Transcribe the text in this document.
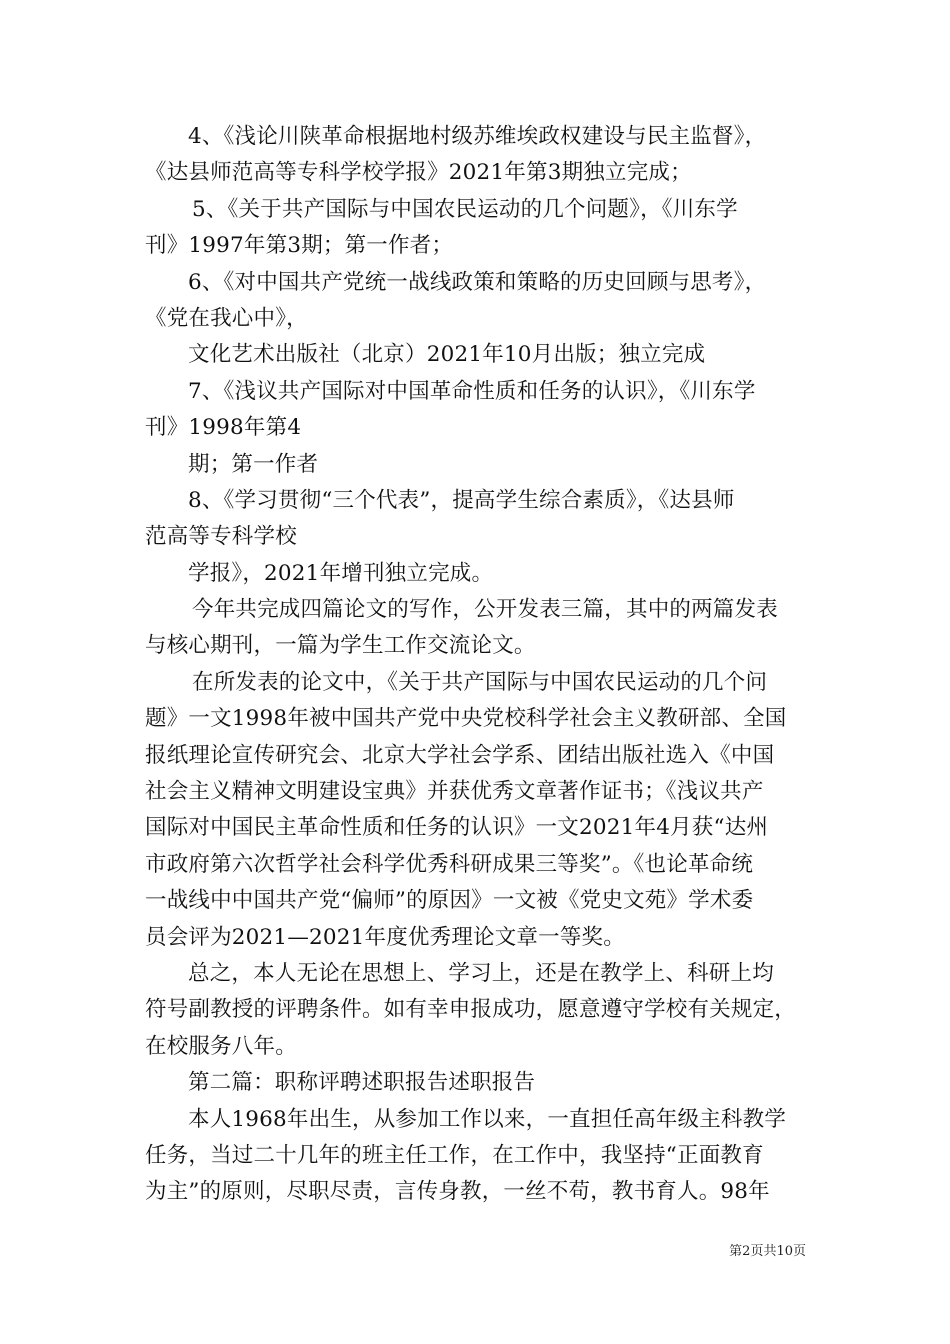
4、《浅论川陕革命根据地村级苏维埃政权建设与民主监督》，
《达县师范高等专科学校学报》2021年第3期独立完成；
5、《关于共产国际与中国农民运动的几个问题》，《川东学
刊》1997年第3期；第一作者；
6、《对中国共产党统一战线政策和策略的历史回顾与思考》，
《党在我心中》，
文化艺术出版社（北京）2021年10月出版；独立完成
7、《浅议共产国际对中国革命性质和任务的认识》，《川东学
刊》1998年第4
期；第一作者
8、《学习贯彻“三个代表”，提高学生综合素质》，《达县师
范高等专科学校
学报》，2021年增刊独立完成。
今年共完成四篇论文的写作，公开发表三篇，其中的两篇发表
与核心期刊，一篇为学生工作交流论文。
在所发表的论文中，《关于共产国际与中国农民运动的几个问
题》一文1998年被中国共产党中央党校科学社会主义教研部、全国
报纸理论宣传研究会、北京大学社会学系、团结出版社选入《中国
社会主义精神文明建设宝典》并获优秀文章著作证书；《浅议共产
国际对中国民主革命性质和任务的认识》一文2021年4月获“达州
市政府第六次哲学社会科学优秀科研成果三等奖”。《也论革命统
一战线中中国共产党“偏师”的原因》一文被《党史文苑》学术委
员会评为2021—2021年度优秀理论文章一等奖。
总之，本人无论在思想上、学习上，还是在教学上、科研上均
符号副教授的评聘条件。如有幸申报成功，愿意遵守学校有关规定，
在校服务八年。
第二篇：职称评聘述职报告述职报告
本人1968年出生，从参加工作以来，一直担任高年级主科教学
任务，当过二十几年的班主任工作，在工作中，我坚持“正面教育
为主”的原则，尽职尽责，言传身教，一丝不苟，教书育人。98年
第2页共10页
